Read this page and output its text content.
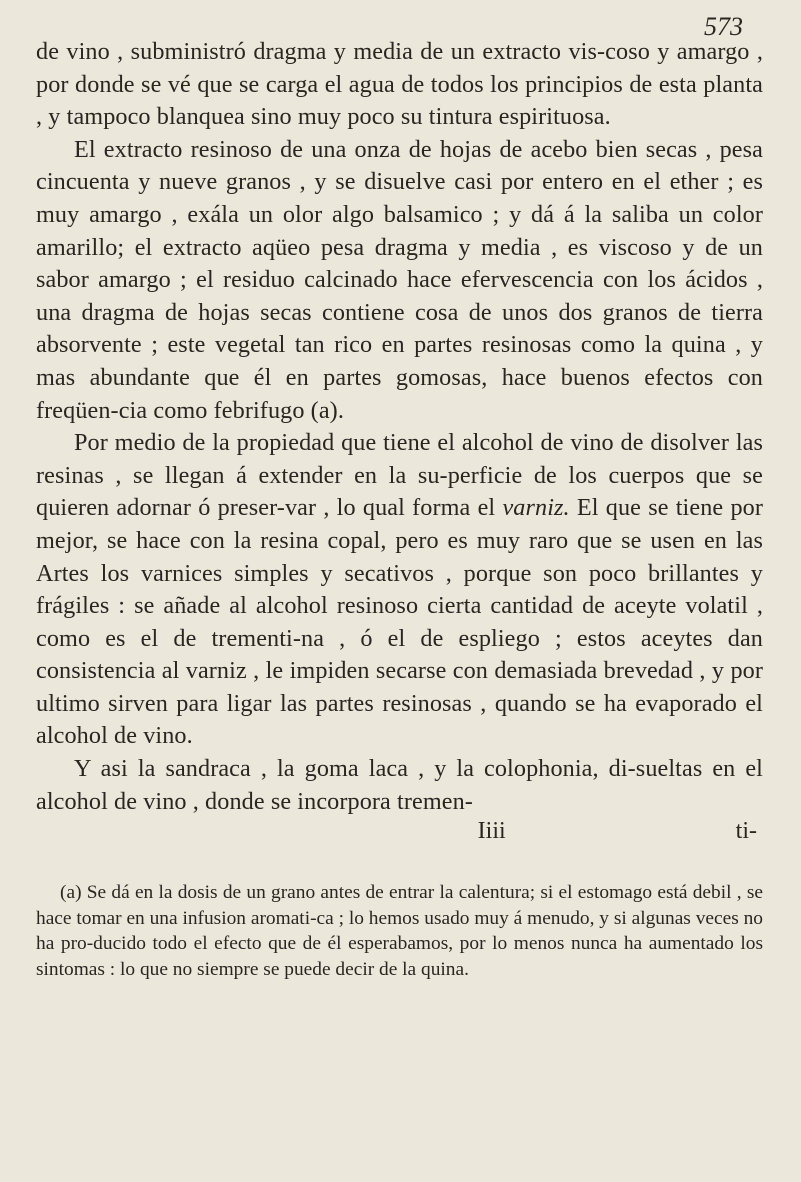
573

de vino , subministró dragma y media de un extracto vis-coso y amargo , por donde se vé que se carga el agua de todos los principios de esta planta , y tampoco blanquea sino muy poco su tintura espirituosa.

El extracto resinoso de una onza de hojas de acebo bien secas , pesa cincuenta y nueve granos , y se disuelve casi por entero en el ether ; es muy amargo , exála un olor algo balsamico ; y dá á la saliba un color amarillo; el extracto aqüeo pesa dragma y media , es viscoso y de un sabor amargo ; el residuo calcinado hace efervescencia con los ácidos , una dragma de hojas secas contiene cosa de unos dos granos de tierra absorvente ; este vegetal tan rico en partes resinosas como la quina , y mas abundante que él en partes gomosas, hace buenos efectos con freqüen-cia como febrifugo (a).

Por medio de la propiedad que tiene el alcohol de vino de disolver las resinas , se llegan á extender en la su-perficie de los cuerpos que se quieren adornar ó preser-var , lo qual forma el varniz. El que se tiene por mejor, se hace con la resina copal, pero es muy raro que se usen en las Artes los varnices simples y secativos , porque son poco brillantes y frágiles : se añade al alcohol resinoso cierta cantidad de aceyte volatil , como es el de trementi-na , ó el de espliego ; estos aceytes dan consistencia al varniz , le impiden secarse con demasiada brevedad , y por ultimo sirven para ligar las partes resinosas , quando se ha evaporado el alcohol de vino.

Y asi la sandraca , la goma laca , y la colophonia, di-sueltas en el alcohol de vino , donde se incorpora tremen-

Iiii	ti-

(a) Se dá en la dosis de un grano antes de entrar la calentura; si el estomago está debil , se hace tomar en una infusion aromati-ca ; lo hemos usado muy á menudo, y si algunas veces no ha pro-ducido todo el efecto que de él esperabamos, por lo menos nunca ha aumentado los sintomas : lo que no siempre se puede decir de la quina.
